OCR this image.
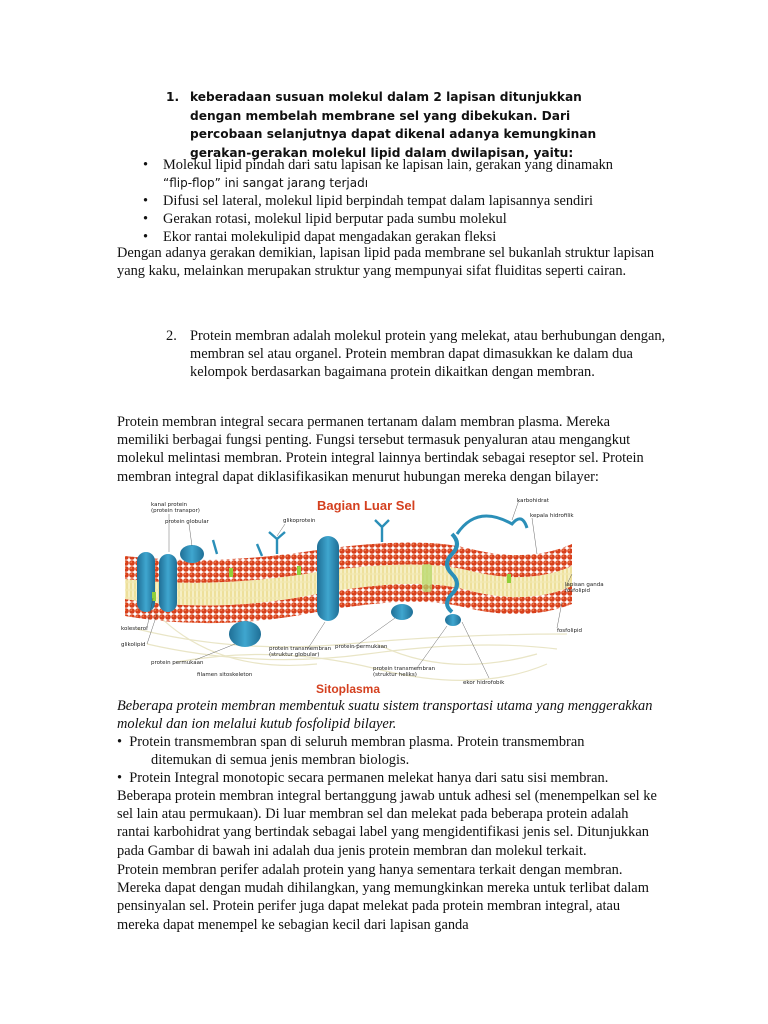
1. keberadaan susuan molekul dalam 2 lapisan ditunjukkan dengan membelah membrane sel yang dibekukan. Dari percobaan selanjutnya dapat dikenal adanya kemungkinan gerakan-gerakan molekul lipid dalam dwilapisan, yaitu:
• Molekul lipid pindah dari satu lapisan ke lapisan lain, gerakan yang dinamakn
“flip-flop” ini sangat jarang terjadı
• Difusi sel lateral, molekul lipid berpindah tempat dalam lapisannya sendiri
• Gerakan rotasi, molekul lipid berputar pada sumbu molekul
• Ekor rantai molekulipid dapat mengadakan gerakan fleksi
Dengan adanya gerakan demikian, lapisan lipid pada membrane sel bukanlah struktur lapisan yang kaku, melainkan merupakan struktur yang mempunyai sifat fluiditas seperti cairan.
2. Protein membran adalah molekul protein yang melekat, atau berhubungan dengan, membran sel atau organel. Protein membran dapat dimasukkan ke dalam dua kelompok berdasarkan bagaimana protein dikaitkan dengan membran.
Protein membran integral secara permanen tertanam dalam membran plasma. Mereka memiliki berbagai fungsi penting. Fungsi tersebut termasuk penyaluran atau mengangkut molekul melintasi membran. Protein integral lainnya bertindak sebagai reseptor sel. Protein membran integral dapat diklasifikasikan menurut hubungan mereka dengan bilayer:
Bagian Luar Sel
Sitoplasma
kanal protein
(protein transpor)
protein globular	glikoprotein
karbohidrat
kepala hidrofilik
lapisan ganda
fosfolipid
fosfolipid
kolesterol
glikolipid
protein permukaan
filamen sitoskeleton
protein transmembran
(struktur globular)
protein permukaan
protein transmembran
(struktur heliks)
ekor hidrofobik
Beberapa protein membran membentuk suatu sistem transportasi utama yang menggerakkan molekul dan ion melalui kutub fosfolipid bilayer.
•  Protein transmembran span di seluruh membran plasma. Protein transmembran
ditemukan di semua jenis membran biologis.
•  Protein Integral monotopic secara permanen melekat hanya dari satu sisi membran.
Beberapa protein membran integral bertanggung jawab untuk adhesi sel (menempelkan sel ke sel lain atau permukaan). Di luar membran sel dan melekat pada beberapa protein adalah rantai karbohidrat yang bertindak sebagai label yang mengidentifikasi jenis sel. Ditunjukkan pada Gambar di bawah ini adalah dua jenis protein membran dan molekul terkait.
Protein membran perifer adalah protein yang hanya sementara terkait dengan membran. Mereka dapat dengan mudah dihilangkan, yang memungkinkan mereka untuk terlibat dalam pensinyalan sel. Protein perifer juga dapat melekat pada protein membran integral, atau mereka dapat menempel ke sebagian kecil dari lapisan ganda
